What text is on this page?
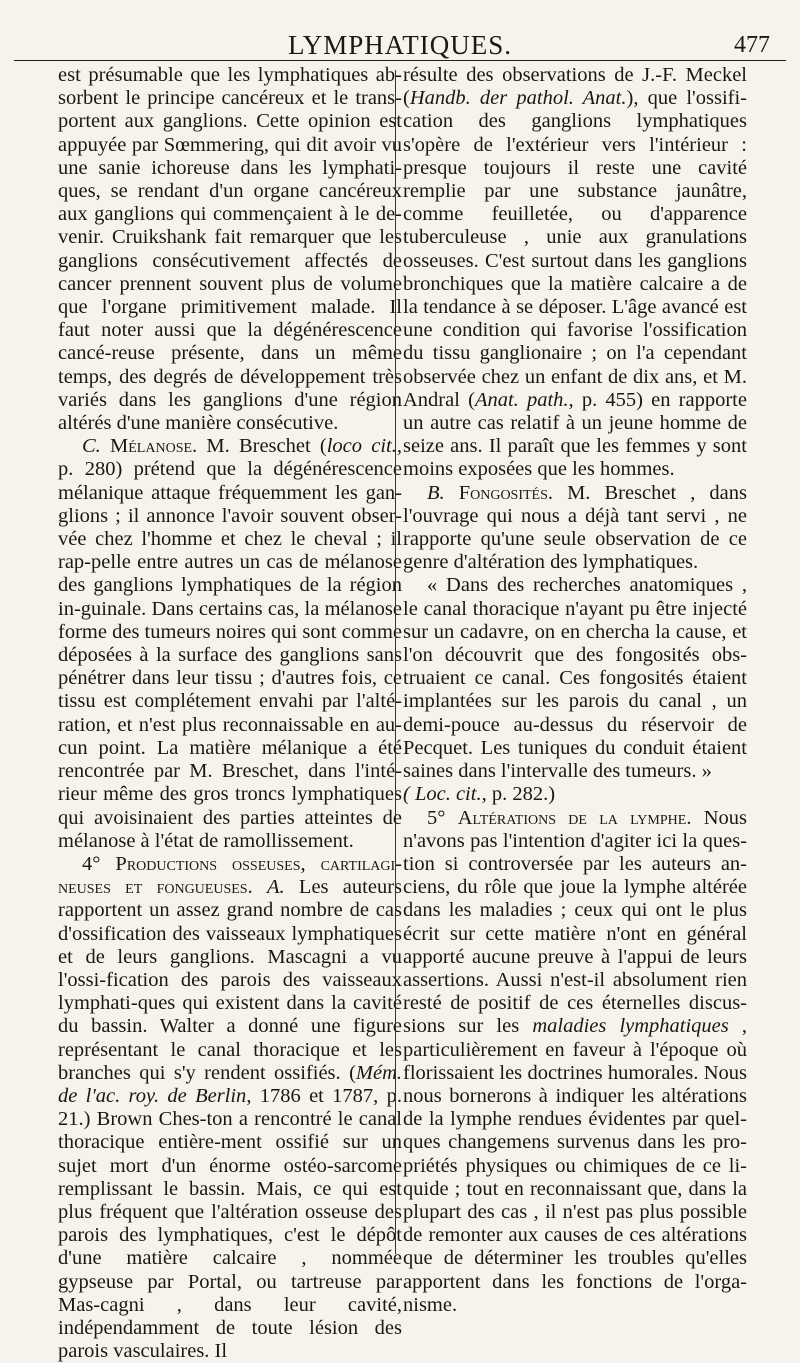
LYMPHATIQUES.	477

est présumable que les lymphatiques ab-sorbent le principe cancéreux et le trans-portent aux ganglions. Cette opinion est appuyée par Sœmmering, qui dit avoir vu une sanie ichoreuse dans les lymphati-ques, se rendant d'un organe cancéreux aux ganglions qui commençaient à le de-venir. Cruikshank fait remarquer que les ganglions consécutivement affectés de cancer prennent souvent plus de volume que l'organe primitivement malade. Il faut noter aussi que la dégénérescence cancé-reuse présente, dans un même temps, des degrés de développement très variés dans les ganglions d'une région altérés d'une manière consécutive.

C. Mélanose. M. Breschet (loco cit., p. 280) prétend que la dégénérescence mélanique attaque fréquemment les gan-glions ; il annonce l'avoir souvent obser-vée chez l'homme et chez le cheval ; il rap-pelle entre autres un cas de mélanose des ganglions lymphatiques de la région in-guinale. Dans certains cas, la mélanose forme des tumeurs noires qui sont comme déposées à la surface des ganglions sans pénétrer dans leur tissu ; d'autres fois, ce tissu est complétement envahi par l'alté-ration, et n'est plus reconnaissable en au-cun point. La matière mélanique a été rencontrée par M. Breschet, dans l'inté-rieur même des gros troncs lymphatiques qui avoisinaient des parties atteintes de mélanose à l'état de ramollissement.

4° Productions osseuses, cartilagi-neuses et fongueuses. A. Les auteurs rapportent un assez grand nombre de cas d'ossification des vaisseaux lymphatiques et de leurs ganglions. Mascagni a vu l'ossi-fication des parois des vaisseaux lymphati-ques qui existent dans la cavité du bassin. Walter a donné une figure représentant le canal thoracique et les branches qui s'y rendent ossifiés. (Mém. de l'ac. roy. de Berlin, 1786 et 1787, p. 21.) Brown Ches-ton a rencontré le canal thoracique entière-ment ossifié sur un sujet mort d'un énorme ostéo-sarcome remplissant le bassin. Mais, ce qui est plus fréquent que l'altération osseuse des parois des lymphatiques, c'est le dépôt d'une matière calcaire , nommée gypseuse par Portal, ou tartreuse par Mas-cagni , dans leur cavité, indépendamment de toute lésion des parois vasculaires. Il

résulte des observations de J.-F. Meckel (Handb. der pathol. Anat.), que l'ossifi-cation des ganglions lymphatiques s'opère de l'extérieur vers l'intérieur : presque toujours il reste une cavité remplie par une substance jaunâtre, comme feuilletée, ou d'apparence tuberculeuse , unie aux granulations osseuses. C'est surtout dans les ganglions bronchiques que la matière calcaire a de la tendance à se déposer. L'âge avancé est une condition qui favorise l'ossification du tissu ganglionaire ; on l'a cependant observée chez un enfant de dix ans, et M. Andral (Anat. path., p. 455) en rapporte un autre cas relatif à un jeune homme de seize ans. Il paraît que les femmes y sont moins exposées que les hommes.

B. Fongosités. M. Breschet , dans l'ouvrage qui nous a déjà tant servi , ne rapporte qu'une seule observation de ce genre d'altération des lymphatiques.

« Dans des recherches anatomiques , le canal thoracique n'ayant pu être injecté sur un cadavre, on en chercha la cause, et l'on découvrit que des fongosités obs-truaient ce canal. Ces fongosités étaient implantées sur les parois du canal , un demi-pouce au-dessus du réservoir de Pecquet. Les tuniques du conduit étaient saines dans l'intervalle des tumeurs. »
( Loc. cit., p. 282.)

5° Altérations de la lymphe. Nous n'avons pas l'intention d'agiter ici la ques-tion si controversée par les auteurs an-ciens, du rôle que joue la lymphe altérée dans les maladies ; ceux qui ont le plus écrit sur cette matière n'ont en général apporté aucune preuve à l'appui de leurs assertions. Aussi n'est-il absolument rien resté de positif de ces éternelles discus-sions sur les maladies lymphatiques , particulièrement en faveur à l'époque où florissaient les doctrines humorales. Nous nous bornerons à indiquer les altérations de la lymphe rendues évidentes par quel-ques changemens survenus dans les pro-priétés physiques ou chimiques de ce li-quide ; tout en reconnaissant que, dans la plupart des cas , il n'est pas plus possible de remonter aux causes de ces altérations que de déterminer les troubles qu'elles apportent dans les fonctions de l'orga-nisme.
